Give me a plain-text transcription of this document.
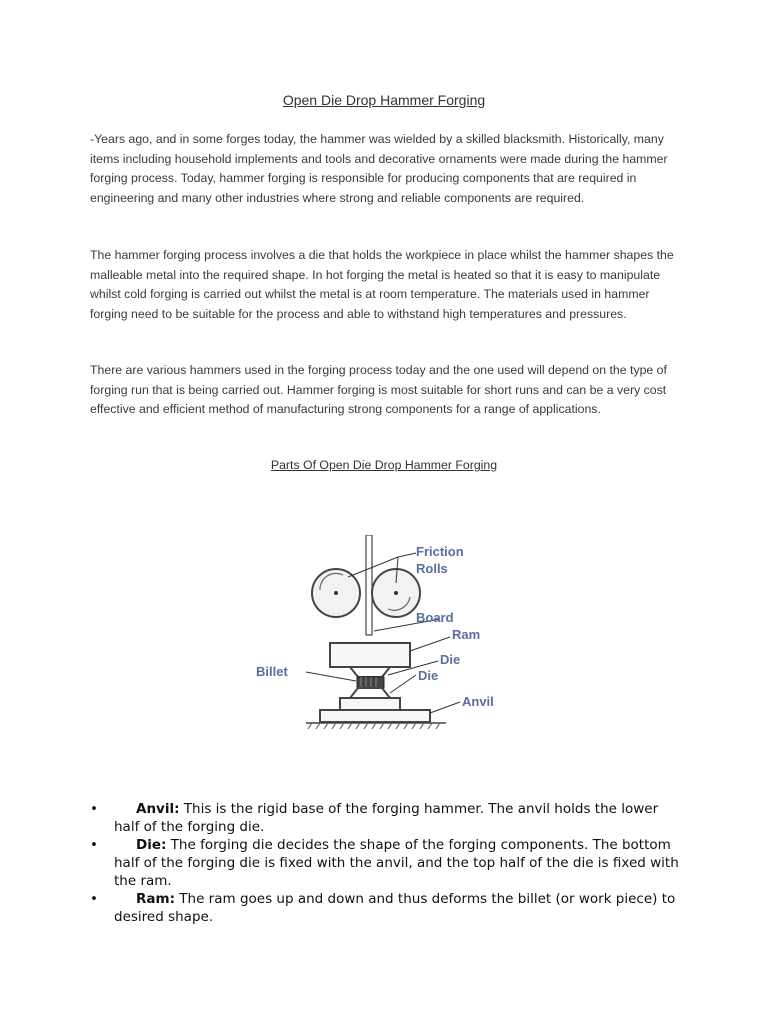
Open Die Drop Hammer Forging

-Years ago, and in some forges today, the hammer was wielded by a skilled blacksmith. Historically, many items including household implements and tools and decorative ornaments were made during the hammer forging process. Today, hammer forging is responsible for producing components that are required in engineering and many other industries where strong and reliable components are required.

The hammer forging process involves a die that holds the workpiece in place whilst the hammer shapes the malleable metal into the required shape. In hot forging the metal is heated so that it is easy to manipulate whilst cold forging is carried out whilst the metal is at room temperature. The materials used in hammer forging need to be suitable for the process and able to withstand high temperatures and pressures.

There are various hammers used in the forging process today and the one used will depend on the type of forging run that is being carried out. Hammer forging is most suitable for short runs and can be a very cost effective and efficient method of manufacturing strong components for a range of applications.

Parts Of Open Die Drop Hammer Forging
Friction
Rolls
Board
Ram
Die
Die
Billet
Anvil
•	Anvil: This is the rigid base of the forging hammer. The anvil holds the lower half of the forging die.
•	Die: The forging die decides the shape of the forging components. The bottom half of the forging die is fixed with the anvil, and the top half of the die is fixed with the ram.
•	Ram: The ram goes up and down and thus deforms the billet (or work piece) to desired shape.
